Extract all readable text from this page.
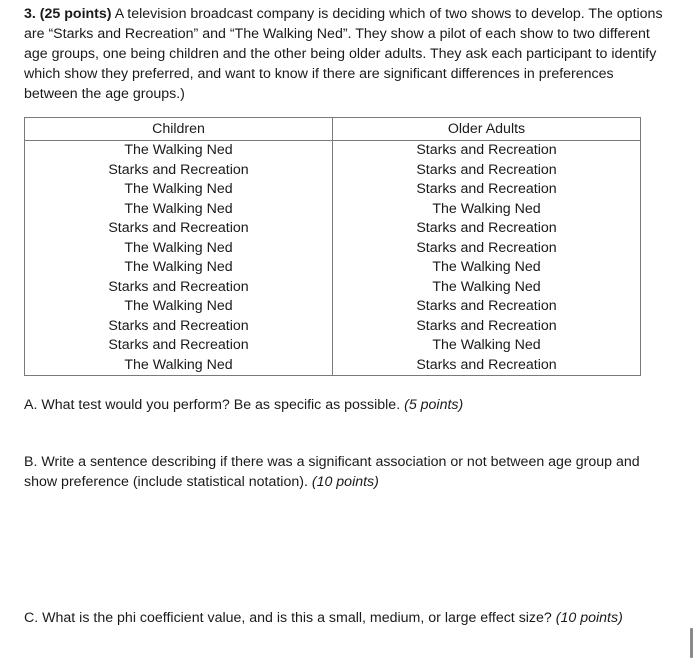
3. (25 points) A television broadcast company is deciding which of two shows to develop. The options are “Starks and Recreation” and “The Walking Ned”. They show a pilot of each show to two different age groups, one being children and the other being older adults. They ask each participant to identify which show they preferred, and want to know if there are significant differences in preferences between the age groups.)
Children	Older Adults
The Walking Ned	Starks and Recreation
Starks and Recreation	Starks and Recreation
The Walking Ned	Starks and Recreation
The Walking Ned	The Walking Ned
Starks and Recreation	Starks and Recreation
The Walking Ned	Starks and Recreation
The Walking Ned	The Walking Ned
Starks and Recreation	The Walking Ned
The Walking Ned	Starks and Recreation
Starks and Recreation	Starks and Recreation
Starks and Recreation	The Walking Ned
The Walking Ned	Starks and Recreation
A. What test would you perform? Be as specific as possible. (5 points)
B. Write a sentence describing if there was a significant association or not between age group and show preference (include statistical notation). (10 points)
C. What is the phi coefficient value, and is this a small, medium, or large effect size? (10 points)
